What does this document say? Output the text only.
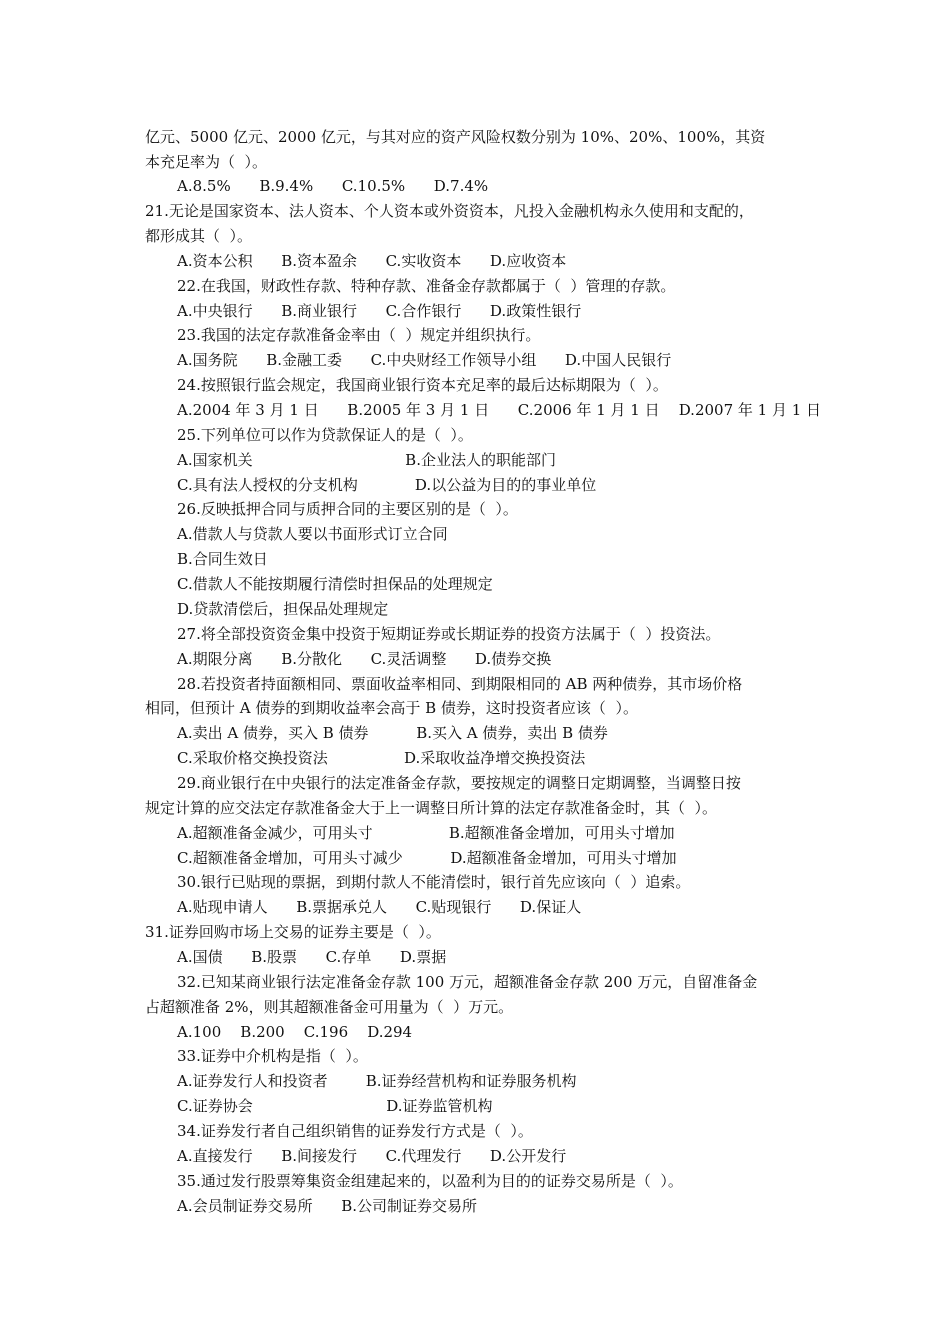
亿元、5000 亿元、2000 亿元，与其对应的资产风险权数分别为 10%、20%、100%，其资
本充足率为（  ）。
A.8.5%      B.9.4%      C.10.5%      D.7.4%
21.无论是国家资本、法人资本、个人资本或外资资本，凡投入金融机构永久使用和支配的，
都形成其（  ）。
A.资本公积      B.资本盈余      C.实收资本      D.应收资本
22.在我国，财政性存款、特种存款、准备金存款都属于（  ）管理的存款。
A.中央银行      B.商业银行      C.合作银行      D.政策性银行
23.我国的法定存款准备金率由（  ）规定并组织执行。
A.国务院      B.金融工委      C.中央财经工作领导小组      D.中国人民银行
24.按照银行监会规定，我国商业银行资本充足率的最后达标期限为（  ）。
A.2004 年 3 月 1 日      B.2005 年 3 月 1 日      C.2006 年 1 月 1 日    D.2007 年 1 月 1 日
25.下列单位可以作为贷款保证人的是（  ）。
A.国家机关                                B.企业法人的职能部门
C.具有法人授权的分支机构            D.以公益为目的的事业单位
26.反映抵押合同与质押合同的主要区别的是（  ）。
A.借款人与贷款人要以书面形式订立合同
B.合同生效日
C.借款人不能按期履行清偿时担保品的处理规定
D.贷款清偿后，担保品处理规定
27.将全部投资资金集中投资于短期证券或长期证券的投资方法属于（  ）投资法。
A.期限分离      B.分散化      C.灵活调整      D.债券交换
28.若投资者持面额相同、票面收益率相同、到期限相同的 AB 两种债券，其市场价格
相同，但预计 A 债券的到期收益率会高于 B 债券，这时投资者应该（  ）。
A.卖出 A 债券，买入 B 债券          B.买入 A 债券，卖出 B 债券
C.采取价格交换投资法                D.采取收益净增交换投资法
29.商业银行在中央银行的法定准备金存款，要按规定的调整日定期调整，当调整日按
规定计算的应交法定存款准备金大于上一调整日所计算的法定存款准备金时，其（  ）。
A.超额准备金减少，可用头寸                B.超额准备金增加，可用头寸增加
C.超额准备金增加，可用头寸减少          D.超额准备金增加，可用头寸增加
30.银行已贴现的票据，到期付款人不能清偿时，银行首先应该向（  ）追索。
A.贴现申请人      B.票据承兑人      C.贴现银行      D.保证人
31.证券回购市场上交易的证券主要是（  ）。
A.国债      B.股票      C.存单      D.票据
32.已知某商业银行法定准备金存款 100 万元，超额准备金存款 200 万元，自留准备金
占超额准备 2%，则其超额准备金可用量为（  ）万元。
A.100    B.200    C.196    D.294
33.证券中介机构是指（  ）。
A.证券发行人和投资者        B.证券经营机构和证券服务机构
C.证券协会                            D.证券监管机构
34.证券发行者自己组织销售的证券发行方式是（  ）。
A.直接发行      B.间接发行      C.代理发行      D.公开发行
35.通过发行股票筹集资金组建起来的，以盈利为目的的证券交易所是（  ）。
A.会员制证券交易所      B.公司制证券交易所
